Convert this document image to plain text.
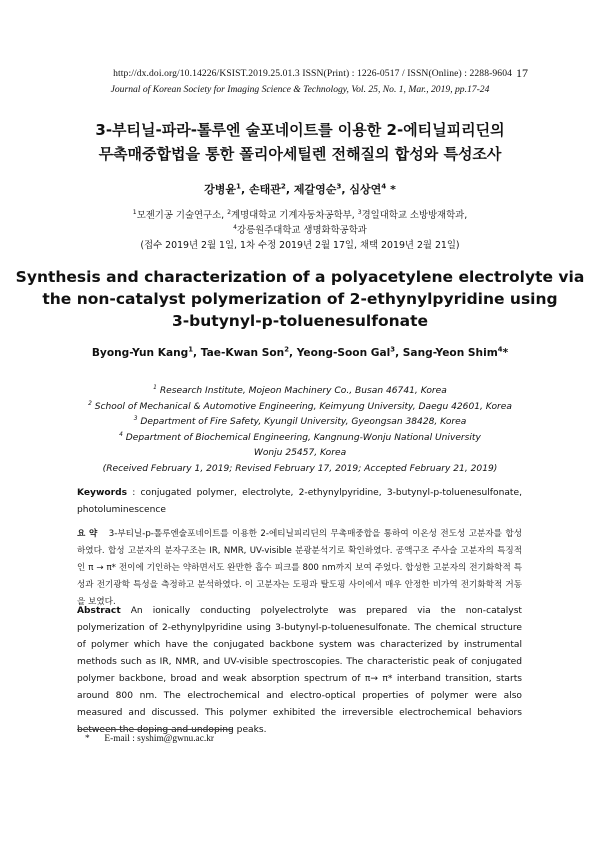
http://dx.doi.org/10.14226/KSIST.2019.25.01.3 ISSN(Print) : 1226-0517 / ISSN(Online) : 2288-9604 17
Journal of Korean Society for Imaging Science & Technology, Vol. 25, No. 1, Mar., 2019, pp.17-24
3-부티닐-파라-톨루엔 술포네이트를 이용한 2-에티닐피리딘의
무촉매중합법을 통한 폴리아세틸렌 전해질의 합성와 특성조사
강병윤$^1$, 손태관$^2$, 제갈영순$^3$, 심상연$^4$ *
$^1$모젠기공 기술연구소, $^2$계명대학교 기계자동차공학부, $^3$경일대학교 소방방재학과,
$^4$강릉원주대학교 생명화학공학과
(접수 2019년 2월 1일, 1차 수정 2019년 2월 17일, 채택 2019년 2월 21일)
Synthesis and characterization of a polyacetylene electrolyte via
the non-catalyst polymerization of 2-ethynylpyridine using
3-butynyl-p-toluenesulfonate
Byong-Yun Kang$^1$, Tae-Kwan Son$^2$, Yeong-Soon Gal$^3$, Sang-Yeon Shim$^4$*
$^1$ Research Institute, Mojeon Machinery Co., Busan 46741, Korea
$^2$ School of Mechanical & Automotive Engineering, Keimyung University, Daegu 42601, Korea
$^3$ Department of Fire Safety, Kyungil University, Gyeongsan 38428, Korea
$^4$ Department of Biochemical Engineering, Kangnung-Wonju National University
Wonju 25457, Korea
(Received February 1, 2019; Revised February 17, 2019; Accepted February 21, 2019)
Keywords : conjugated polymer, electrolyte, 2-ethynylpyridine, 3-butynyl-p-toluenesulfonate,
photoluminescence
요 약 3-부티닐-p-톨루엔술포네이트를 이용한 2-에티닐피리딘의 무촉매중합을 통하여 이온성 전도성 고분자를 합성하였다. 합성 고분자의 분자구조는 IR, NMR, UV-visible 분광분석기로 확인하였다. 공액구조 주사슬 고분자의 특징적인 π → π* 전이에 기인하는 약하면서도 완만한 흡수 피크를 800 nm까지 보여 주었다. 합성한 고분자의 전기화학적 특성과 전기광학 특성을 측정하고 분석하였다. 이 고분자는 도핑과 탈도핑 사이에서 매우 안정한 비가역 전기화학적 거동을 보였다.
Abstract An ionically conducting polyelectrolyte was prepared via the non-catalyst polymerization of 2-ethynylpyridine using 3-butynyl-p-toluenesulfonate. The chemical structure of polymer which have the conjugated backbone system was characterized by instrumental methods such as IR, NMR, and UV-visible spectroscopies. The characteristic peak of conjugated polymer backbone, broad and weak absorption spectrum of π→ π* interband transition, starts around 800 nm. The electrochemical and electro-optical properties of polymer were also measured and discussed. This polymer exhibited the irreversible electrochemical behaviors between the doping and undoping peaks.
* E-mail : syshim@gwnu.ac.kr
